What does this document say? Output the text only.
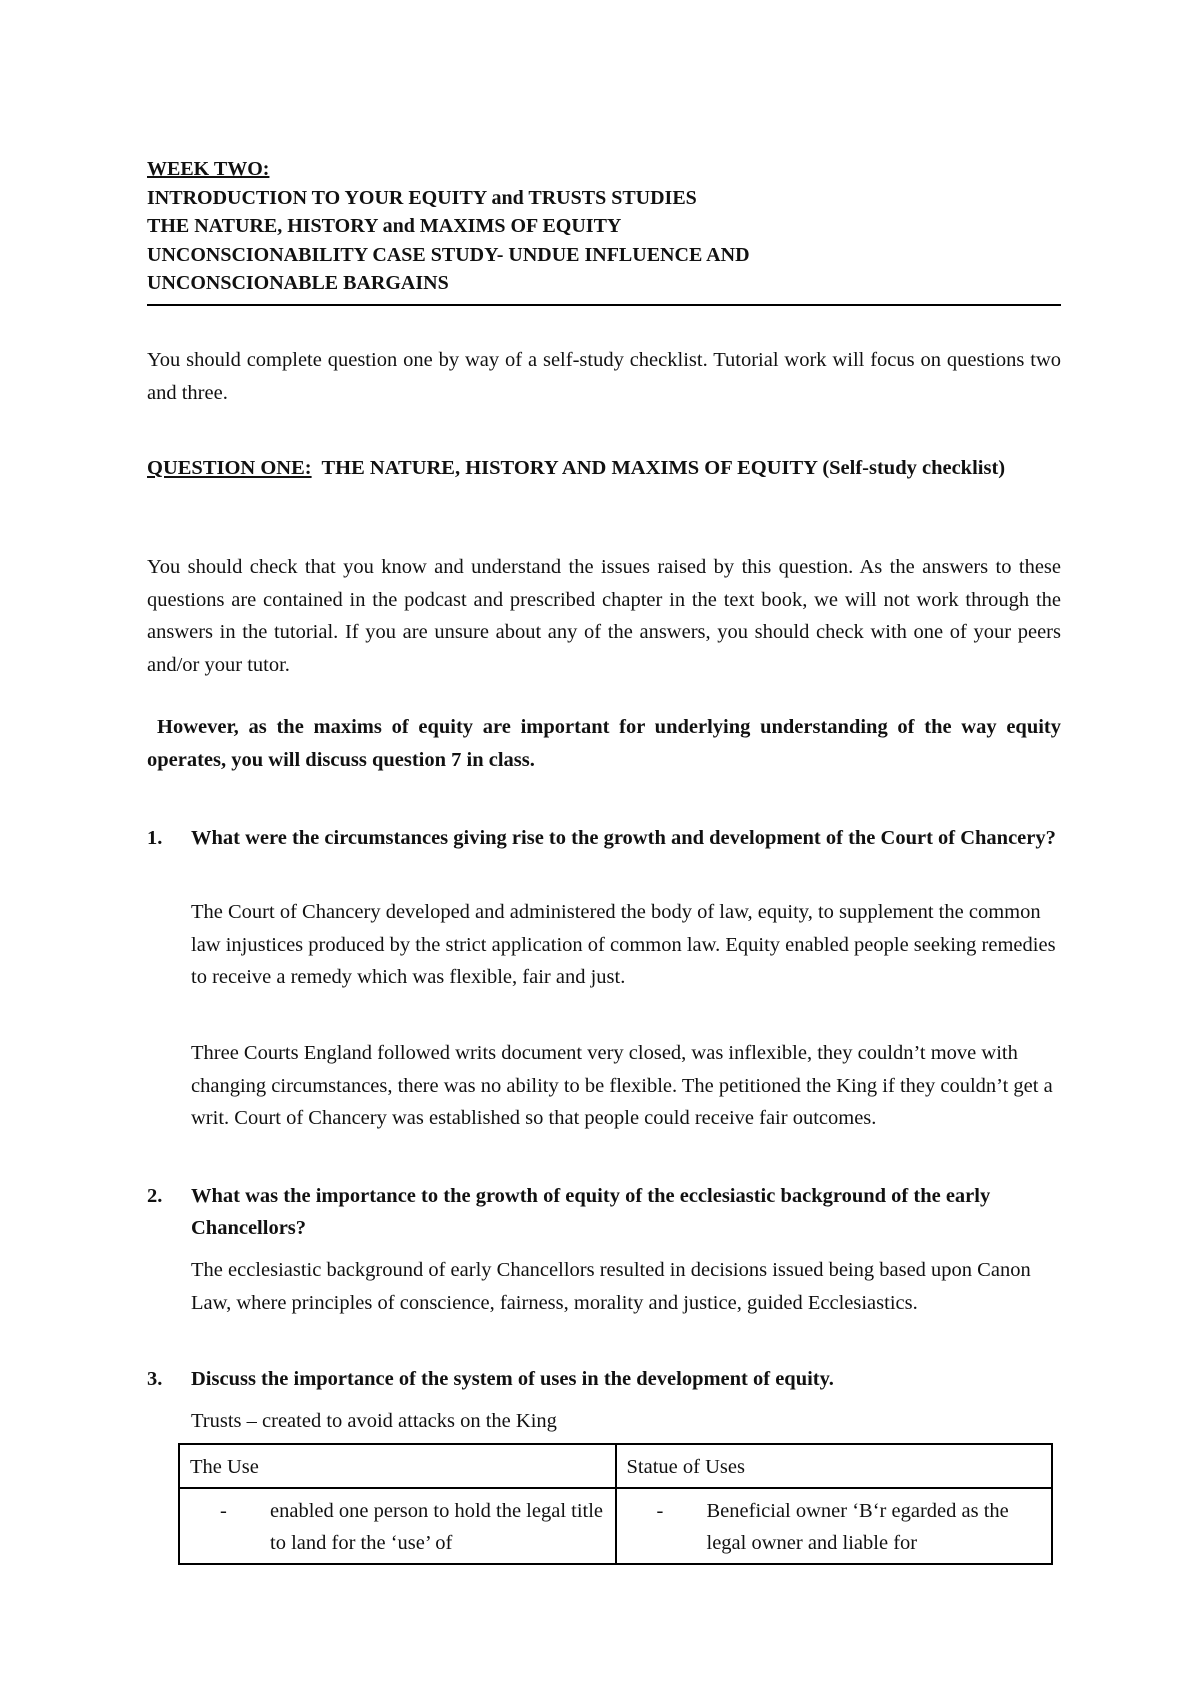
WEEK TWO:
INTRODUCTION TO YOUR EQUITY and TRUSTS STUDIES
THE NATURE, HISTORY and MAXIMS OF EQUITY
UNCONSCIONABILITY CASE STUDY- UNDUE INFLUENCE AND
UNCONSCIONABLE BARGAINS

You should complete question one by way of a self-study checklist. Tutorial work will focus on questions two and three.

QUESTION ONE: THE NATURE, HISTORY AND MAXIMS OF EQUITY (Self-study checklist)

You should check that you know and understand the issues raised by this question. As the answers to these questions are contained in the podcast and prescribed chapter in the text book, we will not work through the answers in the tutorial. If you are unsure about any of the answers, you should check with one of your peers and/or your tutor.

However, as the maxims of equity are important for underlying understanding of the way equity operates, you will discuss question 7 in class.

1. What were the circumstances giving rise to the growth and development of the Court of Chancery?

The Court of Chancery developed and administered the body of law, equity, to supplement the common law injustices produced by the strict application of common law. Equity enabled people seeking remedies to receive a remedy which was flexible, fair and just.

Three Courts England followed writs document very closed, was inflexible, they couldn’t move with changing circumstances, there was no ability to be flexible. The petitioned the King if they couldn’t get a writ. Court of Chancery was established so that people could receive fair outcomes.

2. What was the importance to the growth of equity of the ecclesiastic background of the early Chancellors?

The ecclesiastic background of early Chancellors resulted in decisions issued being based upon Canon Law, where principles of conscience, fairness, morality and justice, guided Ecclesiastics.

3. Discuss the importance of the system of uses in the development of equity.

Trusts – created to avoid attacks on the King

The Use	Statue of Uses

- enabled one person to hold the legal title to land for the ‘use’ of	- Beneficial owner ‘B‘r egarded as the legal owner and liable for
